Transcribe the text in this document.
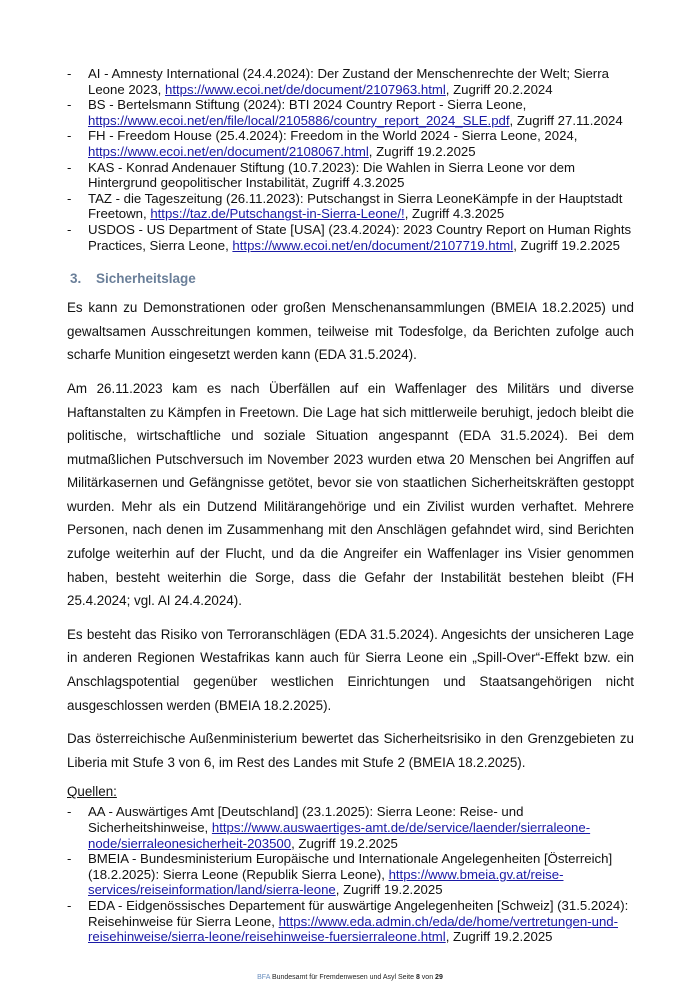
- AI - Amnesty International (24.4.2024): Der Zustand der Menschenrechte der Welt; Sierra Leone 2023, https://www.ecoi.net/de/document/2107963.html, Zugriff 20.2.2024
- BS - Bertelsmann Stiftung (2024): BTI 2024 Country Report - Sierra Leone, https://www.ecoi.net/en/file/local/2105886/country_report_2024_SLE.pdf, Zugriff 27.11.2024
- FH - Freedom House (25.4.2024): Freedom in the World 2024 - Sierra Leone, 2024, https://www.ecoi.net/en/document/2108067.html, Zugriff 19.2.2025
- KAS - Konrad Andenauer Stiftung (10.7.2023): Die Wahlen in Sierra Leone vor dem Hintergrund geopolitischer Instabilität, Zugriff 4.3.2025
- TAZ - die Tageszeitung (26.11.2023): Putschangst in Sierra LeoneKämpfe in der Hauptstadt Freetown, https://taz.de/Putschangst-in-Sierra-Leone/!, Zugriff 4.3.2025
- USDOS - US Department of State [USA] (23.4.2024): 2023 Country Report on Human Rights Practices, Sierra Leone, https://www.ecoi.net/en/document/2107719.html, Zugriff 19.2.2025
3. Sicherheitslage

Es kann zu Demonstrationen oder großen Menschenansammlungen (BMEIA 18.2.2025) und gewaltsamen Ausschreitungen kommen, teilweise mit Todesfolge, da Berichten zufolge auch scharfe Munition eingesetzt werden kann (EDA 31.5.2024).

Am 26.11.2023 kam es nach Überfällen auf ein Waffenlager des Militärs und diverse Haftanstalten zu Kämpfen in Freetown. Die Lage hat sich mittlerweile beruhigt, jedoch bleibt die politische, wirtschaftliche und soziale Situation angespannt (EDA 31.5.2024). Bei dem mutmaßlichen Putschversuch im November 2023 wurden etwa 20 Menschen bei Angriffen auf Militärkasernen und Gefängnisse getötet, bevor sie von staatlichen Sicherheitskräften gestoppt wurden. Mehr als ein Dutzend Militärangehörige und ein Zivilist wurden verhaftet. Mehrere Personen, nach denen im Zusammenhang mit den Anschlägen gefahndet wird, sind Berichten zufolge weiterhin auf der Flucht, und da die Angreifer ein Waffenlager ins Visier genommen haben, besteht weiterhin die Sorge, dass die Gefahr der Instabilität bestehen bleibt (FH 25.4.2024; vgl. AI 24.4.2024).

Es besteht das Risiko von Terroranschlägen (EDA 31.5.2024). Angesichts der unsicheren Lage in anderen Regionen Westafrikas kann auch für Sierra Leone ein „Spill-Over“-Effekt bzw. ein Anschlagspotential gegenüber westlichen Einrichtungen und Staatsangehörigen nicht ausgeschlossen werden (BMEIA 18.2.2025).

Das österreichische Außenministerium bewertet das Sicherheitsrisiko in den Grenzgebieten zu Liberia mit Stufe 3 von 6, im Rest des Landes mit Stufe 2 (BMEIA 18.2.2025).

Quellen:
- AA - Auswärtiges Amt [Deutschland] (23.1.2025): Sierra Leone: Reise- und Sicherheitshinweise, https://www.auswaertiges-amt.de/de/service/laender/sierraleone-node/sierraleonesicherheit-203500, Zugriff 19.2.2025
- BMEIA - Bundesministerium Europäische und Internationale Angelegenheiten [Österreich] (18.2.2025): Sierra Leone (Republik Sierra Leone), https://www.bmeia.gv.at/reise-services/reiseinformation/land/sierra-leone, Zugriff 19.2.2025
- EDA - Eidgenössisches Departement für auswärtige Angelegenheiten [Schweiz] (31.5.2024): Reisehinweise für Sierra Leone, https://www.eda.admin.ch/eda/de/home/vertretungen-und-reisehinweise/sierra-leone/reisehinweise-fuersierraleone.html, Zugriff 19.2.2025
BFA Bundesamt für Fremdenwesen und Asyl Seite 8 von 29
